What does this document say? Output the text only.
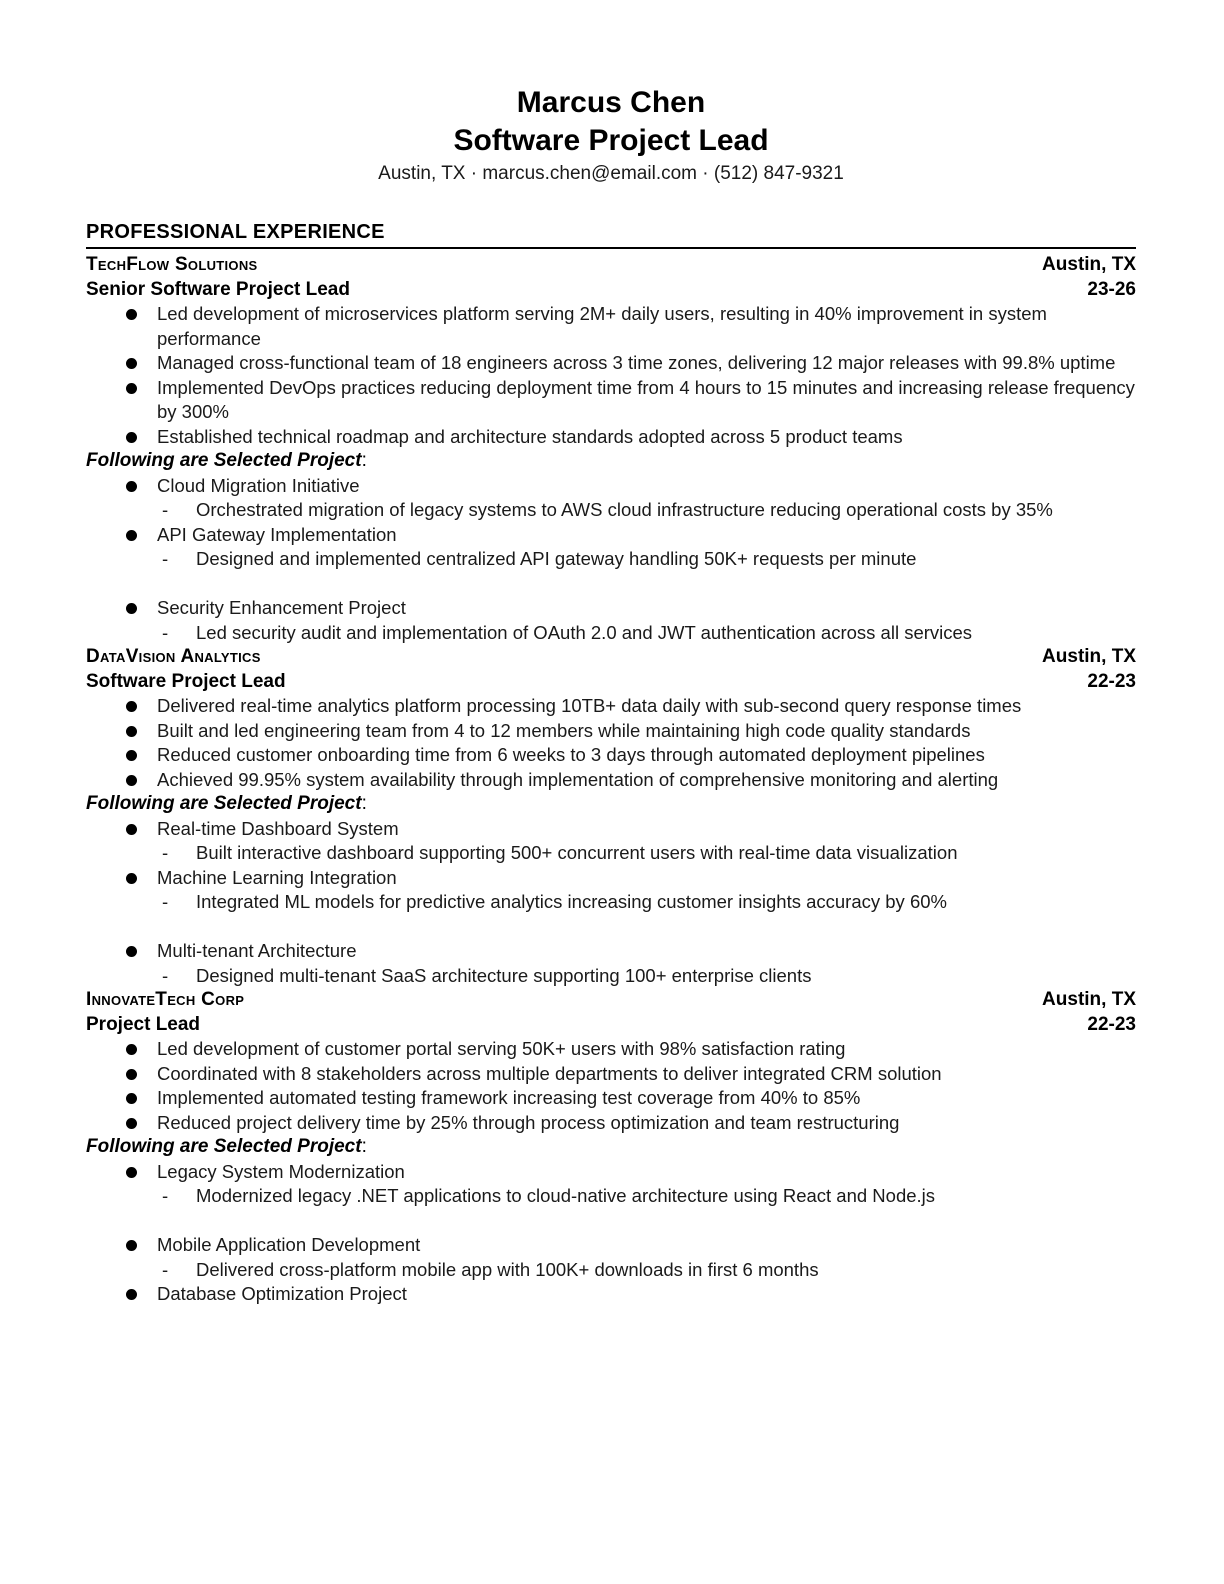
Marcus Chen
Software Project Lead
Austin, TX · marcus.chen@email.com · (512) 847-9321
PROFESSIONAL EXPERIENCE
TechFlow Solutions	Austin, TX
Senior Software Project Lead	23-26
Led development of microservices platform serving 2M+ daily users, resulting in 40% improvement in system performance
Managed cross-functional team of 18 engineers across 3 time zones, delivering 12 major releases with 99.8% uptime
Implemented DevOps practices reducing deployment time from 4 hours to 15 minutes and increasing release frequency by 300%
Established technical roadmap and architecture standards adopted across 5 product teams
Following are Selected Project:
Cloud Migration Initiative
-	Orchestrated migration of legacy systems to AWS cloud infrastructure reducing operational costs by 35%
API Gateway Implementation
-	Designed and implemented centralized API gateway handling 50K+ requests per minute
Security Enhancement Project
-	Led security audit and implementation of OAuth 2.0 and JWT authentication across all services
DataVision Analytics	Austin, TX
Software Project Lead	22-23
Delivered real-time analytics platform processing 10TB+ data daily with sub-second query response times
Built and led engineering team from 4 to 12 members while maintaining high code quality standards
Reduced customer onboarding time from 6 weeks to 3 days through automated deployment pipelines
Achieved 99.95% system availability through implementation of comprehensive monitoring and alerting
Following are Selected Project:
Real-time Dashboard System
-	Built interactive dashboard supporting 500+ concurrent users with real-time data visualization
Machine Learning Integration
-	Integrated ML models for predictive analytics increasing customer insights accuracy by 60%
Multi-tenant Architecture
-	Designed multi-tenant SaaS architecture supporting 100+ enterprise clients
InnovateTech Corp	Austin, TX
Project Lead	22-23
Led development of customer portal serving 50K+ users with 98% satisfaction rating
Coordinated with 8 stakeholders across multiple departments to deliver integrated CRM solution
Implemented automated testing framework increasing test coverage from 40% to 85%
Reduced project delivery time by 25% through process optimization and team restructuring
Following are Selected Project:
Legacy System Modernization
-	Modernized legacy .NET applications to cloud-native architecture using React and Node.js
Mobile Application Development
-	Delivered cross-platform mobile app with 100K+ downloads in first 6 months
Database Optimization Project
